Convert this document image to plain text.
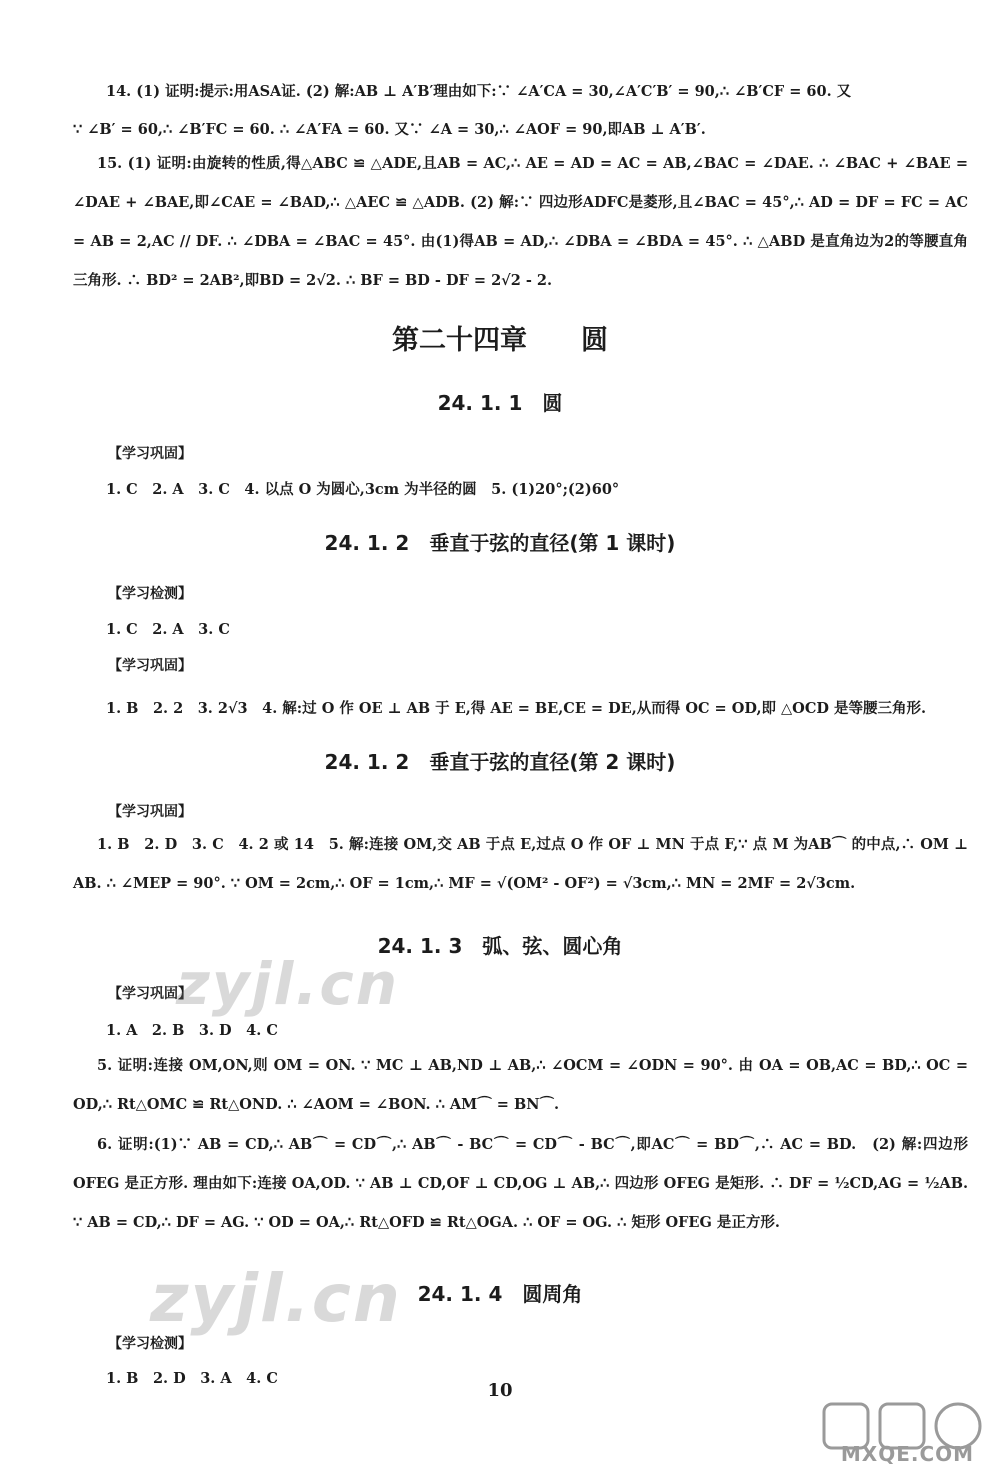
14. (1) 证明:提示:用ASA证. (2) 解:AB ⊥ A′B′理由如下:∵ ∠A′CA = 30,∠A′C′B′ = 90,∴ ∠B′CF = 60. 又

∵ ∠B′ = 60,∴ ∠B′FC = 60. ∴ ∠A′FA = 60. 又∵ ∠A = 30,∴ ∠AOF = 90,即AB ⊥ A′B′.

15. (1) 证明:由旋转的性质,得△ABC ≌ △ADE,且AB = AC,∴ AE = AD = AC = AB,∠BAC = ∠DAE. ∴ ∠BAC + ∠BAE = ∠DAE + ∠BAE,即∠CAE = ∠BAD,∴ △AEC ≌ △ADB. (2) 解:∵ 四边形ADFC是菱形,且∠BAC = 45°,∴ AD = DF = FC = AC = AB = 2,AC // DF. ∴ ∠DBA = ∠BAC = 45°. 由(1)得AB = AD,∴ ∠DBA = ∠BDA = 45°. ∴ △ABD 是直角边为2的等腰直角三角形. ∴ BD² = 2AB²,即BD = 2√2. ∴ BF = BD - DF = 2√2 - 2.

第二十四章　　圆
24. 1. 1　圆
【学习巩固】

1. C　2. A　3. C　4. 以点 O 为圆心,3cm 为半径的圆　5. (1)20°;(2)60°

24. 1. 2　垂直于弦的直径(第 1 课时)
【学习检测】

1. C　2. A　3. C

【学习巩固】

1. B　2. 2　3. 2√3　4. 解:过 O 作 OE ⊥ AB 于 E,得 AE = BE,CE = DE,从而得 OC = OD,即 △OCD 是等腰三角形.

24. 1. 2　垂直于弦的直径(第 2 课时)
【学习巩固】

1. B　2. D　3. C　4. 2 或 14　5. 解:连接 OM,交 AB 于点 E,过点 O 作 OF ⊥ MN 于点 F,∵ 点 M 为AB⌒ 的中点,∴ OM ⊥ AB. ∴ ∠MEP = 90°. ∵ OM = 2cm,∴ OF = 1cm,∴ MF = √(OM² - OF²) = √3cm,∴ MN = 2MF = 2√3cm.

24. 1. 3　弧、弦、圆心角
【学习巩固】

1. A　2. B　3. D　4. C

5. 证明:连接 OM,ON,则 OM = ON. ∵ MC ⊥ AB,ND ⊥ AB,∴ ∠OCM = ∠ODN = 90°. 由 OA = OB,AC = BD,∴ OC = OD,∴ Rt△OMC ≌ Rt△OND. ∴ ∠AOM = ∠BON. ∴ AM⌒ = BN⌒.

6. 证明:(1)∵ AB = CD,∴ AB⌒ = CD⌒,∴ AB⌒ - BC⌒ = CD⌒ - BC⌒,即AC⌒ = BD⌒,∴ AC = BD.　(2) 解:四边形 OFEG 是正方形. 理由如下:连接 OA,OD. ∵ AB ⊥ CD,OF ⊥ CD,OG ⊥ AB,∴ 四边形 OFEG 是矩形. ∴ DF = ½CD,AG = ½AB. ∵ AB = CD,∴ DF = AG. ∵ OD = OA,∴ Rt△OFD ≌ Rt△OGA. ∴ OF = OG. ∴ 矩形 OFEG 是正方形.

24. 1. 4　圆周角
【学习检测】

1. B　2. D　3. A　4. C

10
zyjl.cn
zyjl.cn
MXQE.COM
